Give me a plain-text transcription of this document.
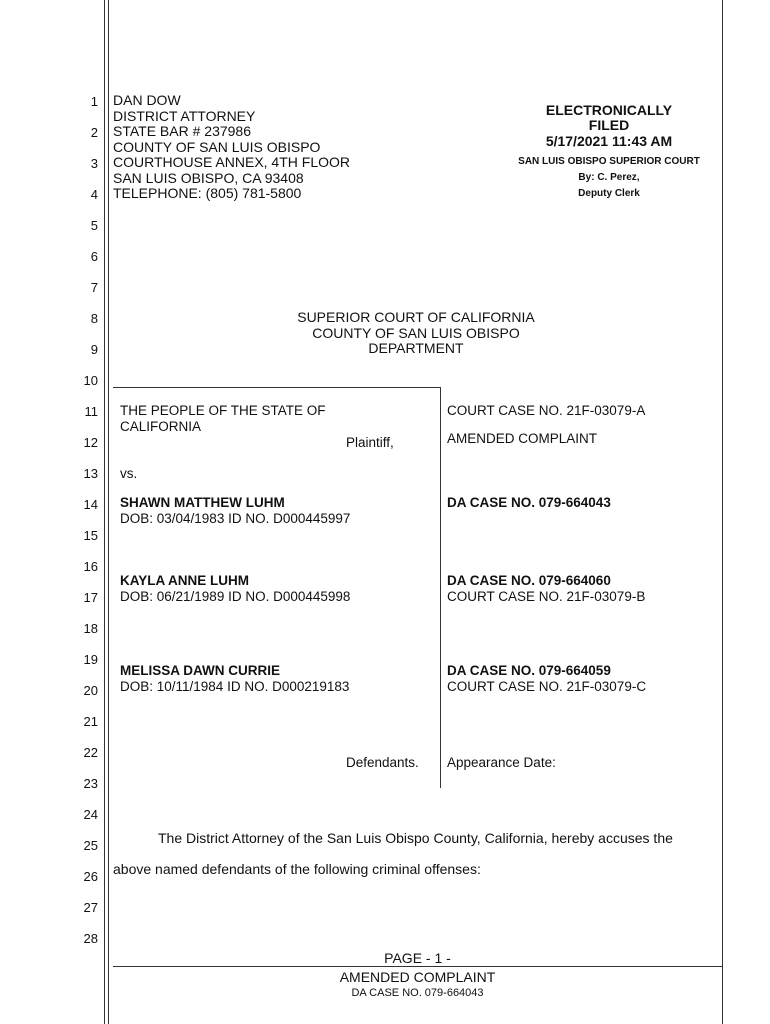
1
2
3
4
5
6
7
8
9
10
11
12
13
14
15
16
17
18
19
20
21
22
23
24
25
26
27
28
DAN DOW
DISTRICT ATTORNEY
STATE BAR # 237986
COUNTY OF SAN LUIS OBISPO
COURTHOUSE ANNEX, 4TH FLOOR
SAN LUIS OBISPO, CA 93408
TELEPHONE: (805) 781-5800
ELECTRONICALLY
FILED
5/17/2021 11:43 AM
SAN LUIS OBISPO SUPERIOR COURT
By: C. Perez,
Deputy Clerk
SUPERIOR COURT OF CALIFORNIA
COUNTY OF SAN LUIS OBISPO
DEPARTMENT
THE PEOPLE OF THE STATE OF
CALIFORNIA
Plaintiff,
vs.
SHAWN MATTHEW LUHM
DOB: 03/04/1983 ID NO. D000445997
KAYLA ANNE LUHM
DOB: 06/21/1989 ID NO. D000445998
MELISSA DAWN CURRIE
DOB: 10/11/1984 ID NO. D000219183
Defendants.
COURT CASE NO. 21F-03079-A
AMENDED COMPLAINT
DA CASE NO. 079-664043
DA CASE NO. 079-664060
COURT CASE NO. 21F-03079-B
DA CASE NO. 079-664059
COURT CASE NO. 21F-03079-C
Appearance Date:
The District Attorney of the San Luis Obispo County, California, hereby accuses the
above named defendants of the following criminal offenses:
PAGE - 1 -
AMENDED COMPLAINT
DA CASE NO. 079-664043
